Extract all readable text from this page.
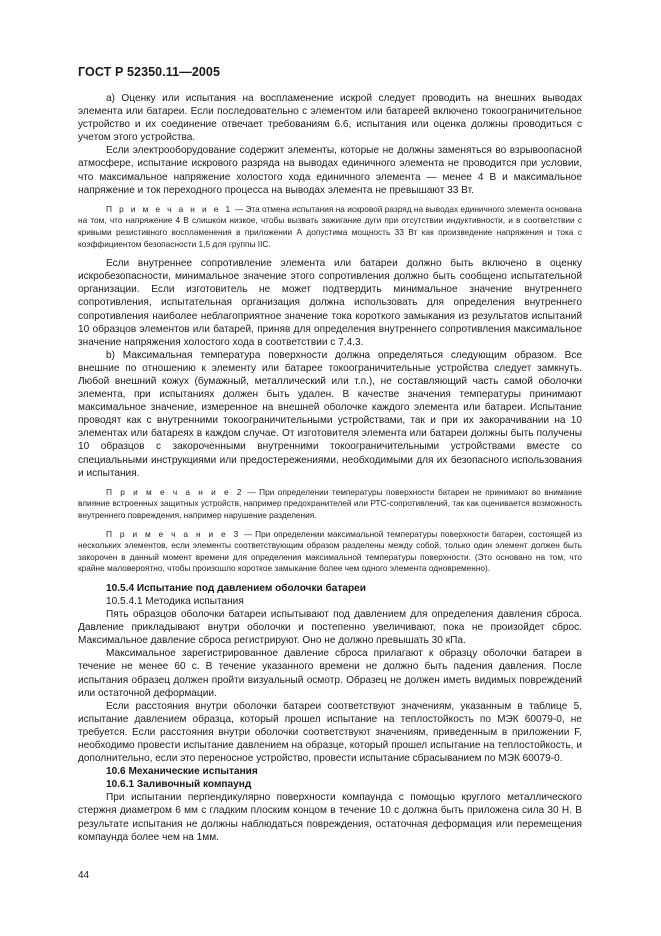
ГОСТ Р 52350.11—2005

а) Оценку или испытания на воспламенение искрой следует проводить на внешних выводах элемента или батареи. Если последовательно с элементом или батареей включено токоограничительное устройство и их соединение отвечает требованиям 6.6, испытания или оценка должны проводиться с учетом этого устройства.

Если электрооборудование содержит элементы, которые не должны заменяться во взрывоопасной атмосфере, испытание искрового разряда на выводах единичного элемента не проводится при условии, что максимальное напряжение холостого хода единичного элемента — менее 4 В и максимальное напряжение и ток переходного процесса на выводах элемента не превышают 33 Вт.

П р и м е ч а н и е 1 — Эта отмена испытания на искровой разряд на выводах единичного элемента основана на том, что напряжение 4 В слишком низкое, чтобы вызвать зажигание дуги при отсутствии индуктивности, и в соответствии с кривыми резистивного воспламенения в приложении А допустима мощность 33 Вт как произведение напряжения и тока с коэффициентом безопасности 1,5 для группы IIС.

Если внутреннее сопротивление элемента или батареи должно быть включено в оценку искробезопасности, минимальное значение этого сопротивления должно быть сообщено испытательной организации. Если изготовитель не может подтвердить минимальное значение внутреннего сопротивления, испытательная организация должна использовать для определения внутреннего сопротивления наиболее неблагоприятное значение тока короткого замыкания из результатов испытаний 10 образцов элементов или батарей, приняв для определения внутреннего сопротивления максимальное значение напряжения холостого хода в соответствии с 7.4.3.

b) Максимальная температура поверхности должна определяться следующим образом. Все внешние по отношению к элементу или батарее токоограничительные устройства следует замкнуть. Любой внешний кожух (бумажный, металлический или т.п.), не составляющий часть самой оболочки элемента, при испытаниях должен быть удален. В качестве значения температуры принимают максимальное значение, измеренное на внешней оболочке каждого элемента или батареи. Испытание проводят как с внутренними токоограничительными устройствами, так и при их закорачивании на 10 элементах или батареях в каждом случае. От изготовителя элемента или батареи должны быть получены 10 образцов с закороченными внутренними токоограничительными устройствами вместе со специальными инструкциями или предостережениями, необходимыми для их безопасного использования и испытания.

П р и м е ч а н и е 2 — При определении температуры поверхности батареи не принимают во внимание влияние встроенных защитных устройств, например предохранителей или РТС-сопротивлений, так как оценивается возможность внутреннего повреждения, например нарушение разделения.

П р и м е ч а н и е 3 — При определении максимальной температуры поверхности батареи, состоящей из нескольких элементов, если элементы соответствующим образом разделены между собой, только один элемент должен быть закорочен в данный момент времени для определения максимальной температуры поверхности. (Это основано на том, что крайне маловероятно, чтобы произошло короткое замыкание более чем одного элемента одновременно).

10.5.4 Испытание под давлением оболочки батареи

10.5.4.1 Методика испытания

Пять образцов оболочки батареи испытывают под давлением для определения давления сброса. Давление прикладывают внутри оболочки и постепенно увеличивают, пока не произойдет сброс. Максимальное давление сброса регистрируют. Оно не должно превышать 30 кПа.

Максимальное зарегистрированное давление сброса прилагают к образцу оболочки батареи в течение не менее 60 с. В течение указанного времени не должно быть падения давления. После испытания образец должен пройти визуальный осмотр. Образец не должен иметь видимых повреждений или остаточной деформации.

Если расстояния внутри оболочки батареи соответствуют значениям, указанным в таблице 5, испытание давлением образца, который прошел испытание на теплостойкость по МЭК 60079-0, не требуется. Если расстояния внутри оболочки соответствуют значениям, приведенным в приложении F, необходимо провести испытание давлением на образце, который прошел испытание на теплостойкость, и дополнительно, если это переносное устройство, провести испытание сбрасыванием по МЭК 60079-0.

10.6 Механические испытания

10.6.1 Заливочный компаунд

При испытании перпендикулярно поверхности компаунда с помощью круглого металлического стержня диаметром 6 мм с гладким плоским концом в течение 10 с должна быть приложена сила 30 Н. В результате испытания не должны наблюдаться повреждения, остаточная деформация или перемещения компаунда более чем на 1мм.

44
